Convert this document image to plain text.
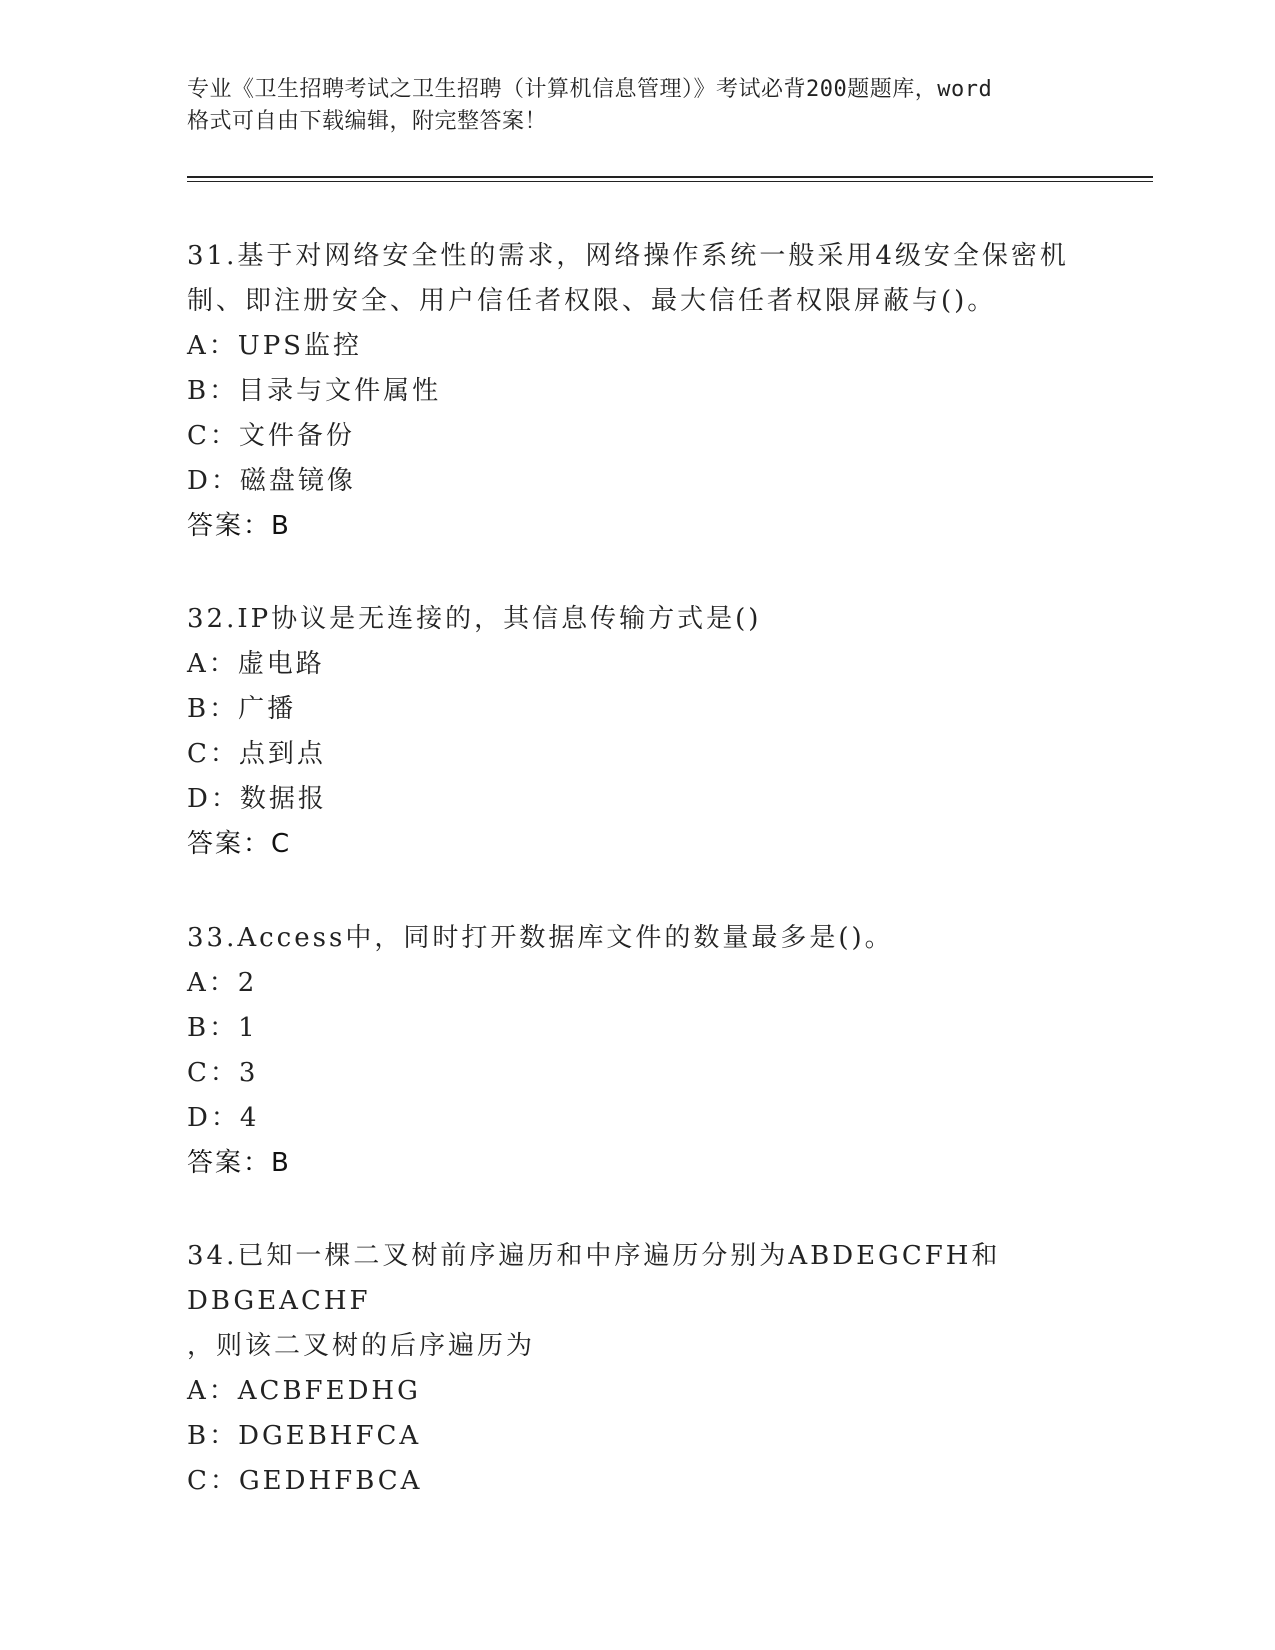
专业《卫生招聘考试之卫生招聘（计算机信息管理）》考试必背200题题库，word
格式可自由下载编辑，附完整答案！
31.基于对网络安全性的需求，网络操作系统一般采用4级安全保密机
制、即注册安全、用户信任者权限、最大信任者权限屏蔽与()。
A：UPS监控
B：目录与文件属性
C：文件备份
D：磁盘镜像
答案：B
32.IP协议是无连接的，其信息传输方式是()
A：虚电路
B：广播
C：点到点
D：数据报
答案：C
33.Access中，同时打开数据库文件的数量最多是()。
A：2
B：1
C：3
D：4
答案：B
34.已知一棵二叉树前序遍历和中序遍历分别为ABDEGCFH和DBGEACHF
，则该二叉树的后序遍历为
A：ACBFEDHG
B：DGEBHFCA
C：GEDHFBCA
